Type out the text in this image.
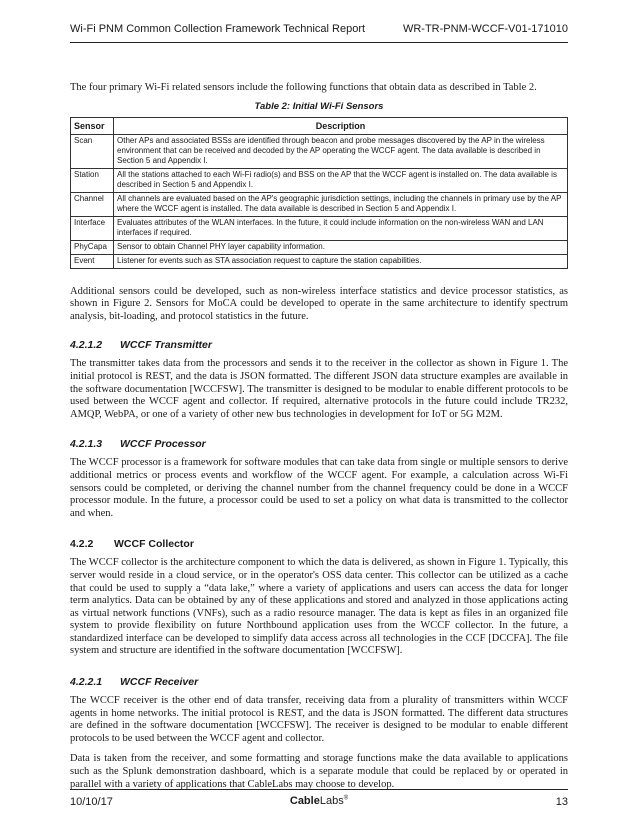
Wi-Fi PNM Common Collection Framework Technical Report	WR-TR-PNM-WCCF-V01-171010

The four primary Wi-Fi related sensors include the following functions that obtain data as described in Table 2.

Table 2: Initial Wi-Fi Sensors
Sensor	Description
Scan	Other APs and associated BSSs are identified through beacon and probe messages discovered by the AP in the wireless environment that can be received and decoded by the AP operating the WCCF agent. The data available is described in Section 5 and Appendix I.
Station	All the stations attached to each Wi-Fi radio(s) and BSS on the AP that the WCCF agent is installed on. The data available is described in Section 5 and Appendix I.
Channel	All channels are evaluated based on the AP's geographic jurisdiction settings, including the channels in primary use by the AP where the WCCF agent is installed. The data available is described in Section 5 and Appendix I.
Interface	Evaluates attributes of the WLAN interfaces. In the future, it could include information on the non-wireless WAN and LAN interfaces if required.
PhyCapa	Sensor to obtain Channel PHY layer capability information.
Event	Listener for events such as STA association request to capture the station capabilities.

Additional sensors could be developed, such as non-wireless interface statistics and device processor statistics, as shown in Figure 2. Sensors for MoCA could be developed to operate in the same architecture to identify spectrum analysis, bit-loading, and protocol statistics in the future.

4.2.1.2 WCCF Transmitter

The transmitter takes data from the processors and sends it to the receiver in the collector as shown in Figure 1. The initial protocol is REST, and the data is JSON formatted. The different JSON data structure examples are available in the software documentation [WCCFSW]. The transmitter is designed to be modular to enable different protocols to be used between the WCCF agent and collector. If required, alternative protocols in the future could include TR232, AMQP, WebPA, or one of a variety of other new bus technologies in development for IoT or 5G M2M.

4.2.1.3 WCCF Processor

The WCCF processor is a framework for software modules that can take data from single or multiple sensors to derive additional metrics or process events and workflow of the WCCF agent. For example, a calculation across Wi-Fi sensors could be completed, or deriving the channel number from the channel frequency could be done in a WCCF processor module. In the future, a processor could be used to set a policy on what data is transmitted to the collector and when.

4.2.2 WCCF Collector

The WCCF collector is the architecture component to which the data is delivered, as shown in Figure 1. Typically, this server would reside in a cloud service, or in the operator's OSS data center. This collector can be utilized as a cache that could be used to supply a “data lake,” where a variety of applications and users can access the data for longer term analytics. Data can be obtained by any of these applications and stored and analyzed in those applications acting as virtual network functions (VNFs), such as a radio resource manager. The data is kept as files in an organized file system to provide flexibility on future Northbound application uses from the WCCF collector. In the future, a standardized interface can be developed to simplify data access across all technologies in the CCF [DCCFA]. The file system and structure are identified in the software documentation [WCCFSW].

4.2.2.1 WCCF Receiver

The WCCF receiver is the other end of data transfer, receiving data from a plurality of transmitters within WCCF agents in home networks. The initial protocol is REST, and the data is JSON formatted. The different data structures are defined in the software documentation [WCCFSW]. The receiver is designed to be modular to enable different protocols to be used between the WCCF agent and collector.

Data is taken from the receiver, and some formatting and storage functions make the data available to applications such as the Splunk demonstration dashboard, which is a separate module that could be replaced by or operated in parallel with a variety of applications that CableLabs may choose to develop.

10/10/17	CableLabs®	13
